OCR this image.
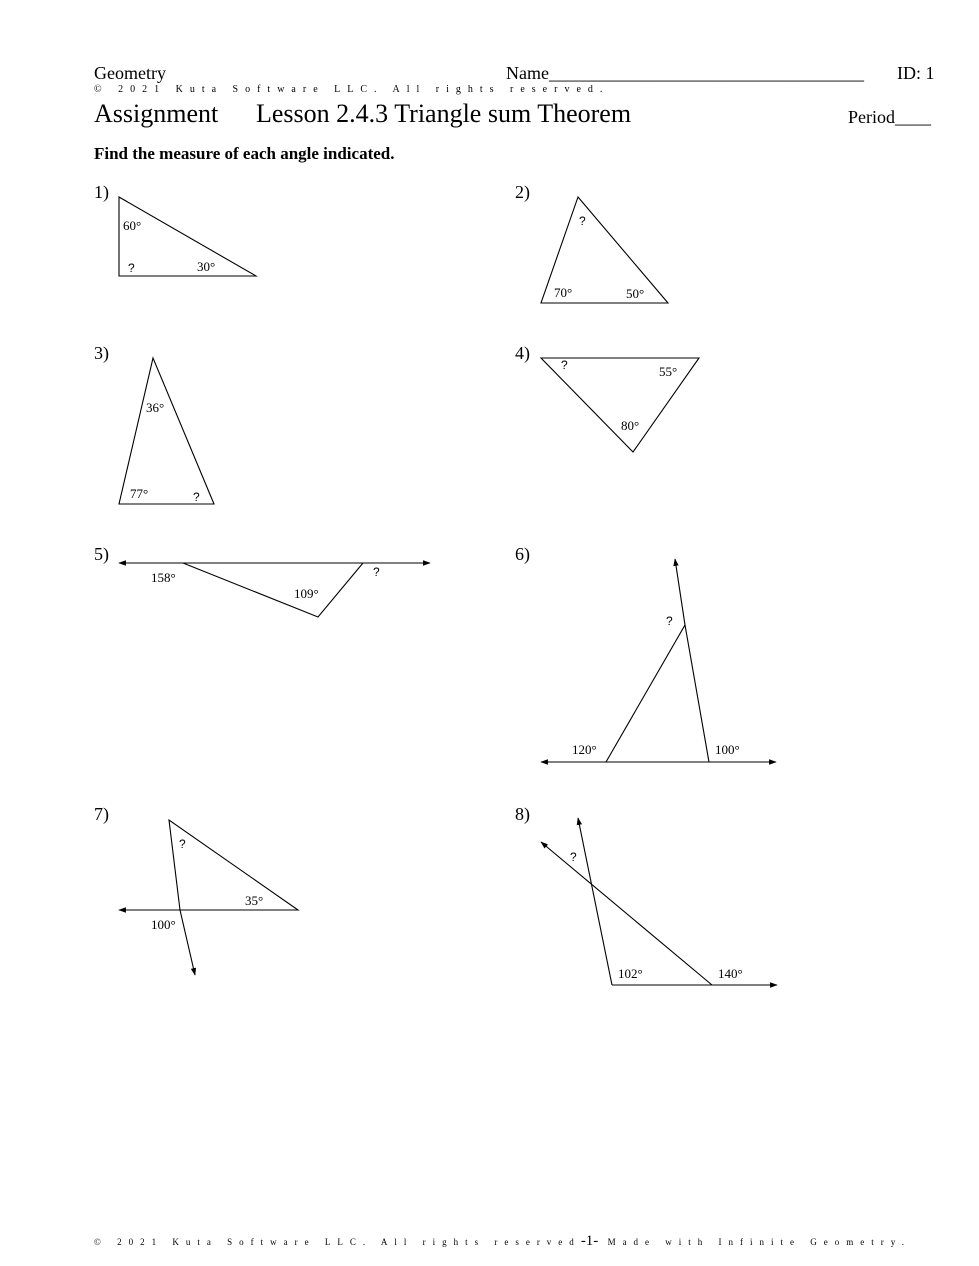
Geometry	Name___________________________________ ID: 1
© 2021 Kuta Software LLC. All rights reserved.
Assignment Lesson 2.4.3 Triangle sum Theorem	Period____
Find the measure of each angle indicated.
1)	2)
3)	4)
5)	6)
7)	8)
60°
?	30°
?
70°	50°
36°
77°	?
?	55°
80°
158°	?
109°
?
120°	100°
?
35°
100°
?
102°	140°
© 2021 Kuta Software LLC. All rights reserved-1- Made with Infinite Geometry.
